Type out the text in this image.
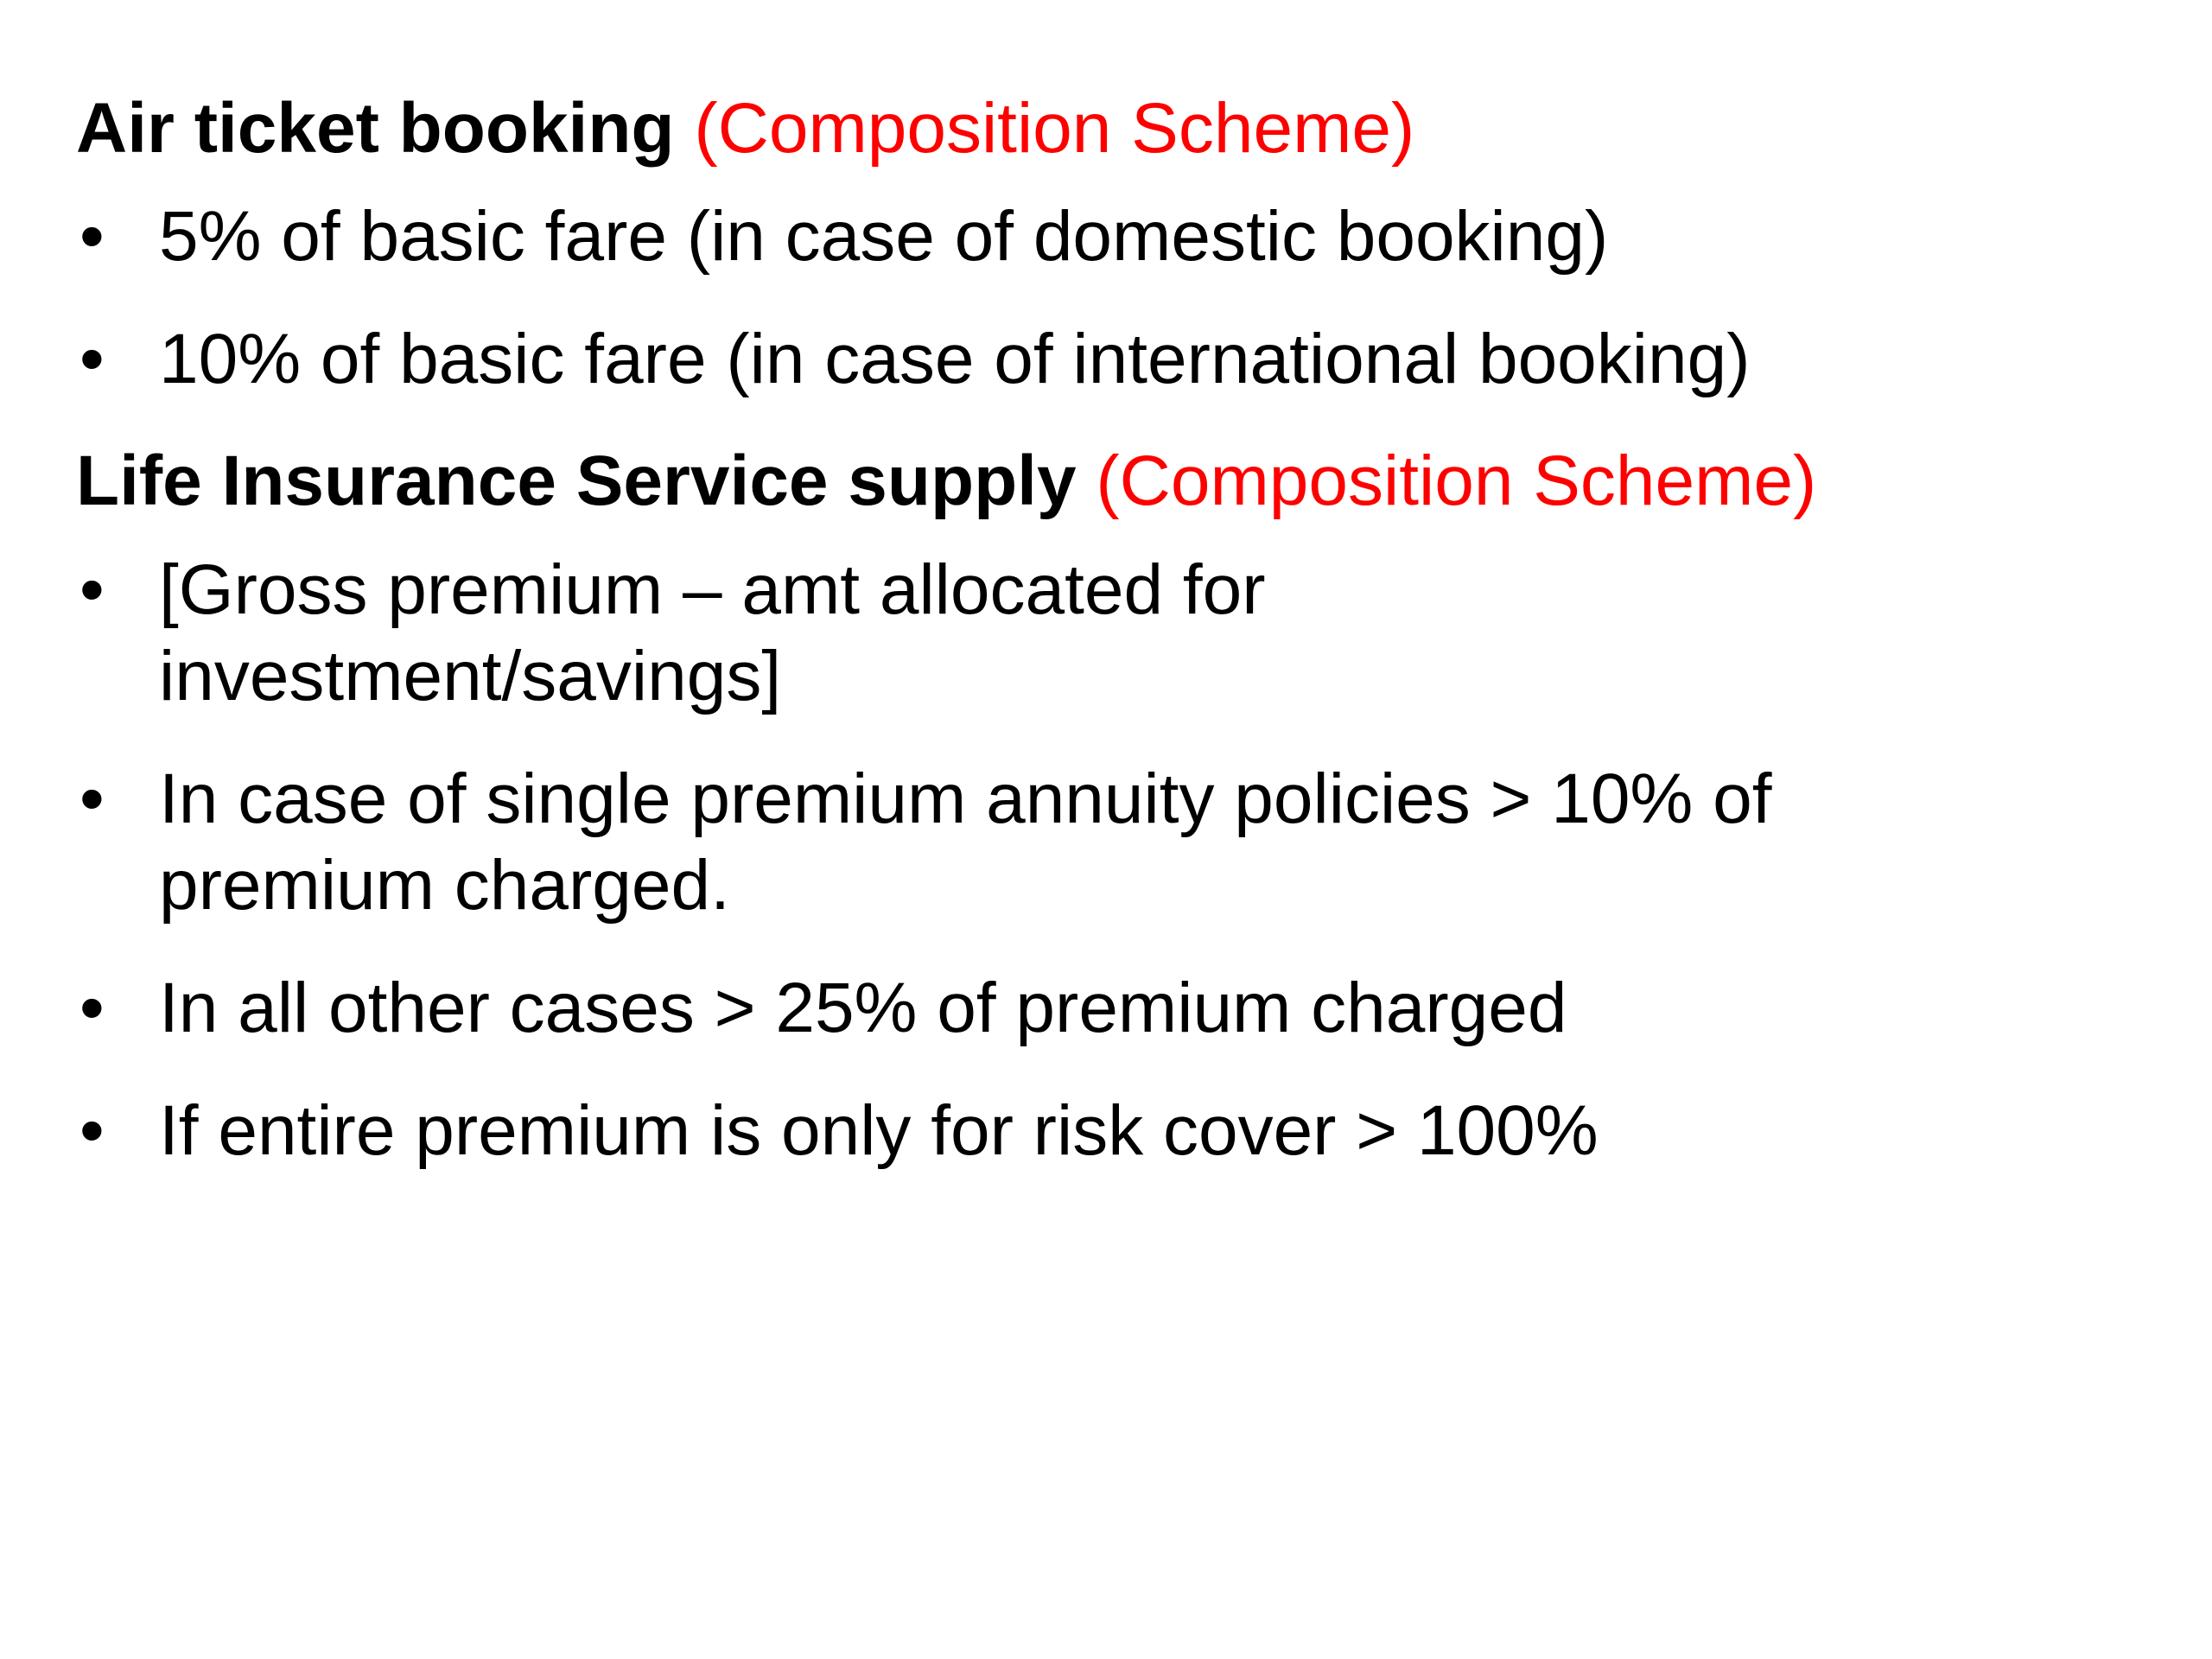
Air ticket booking (Composition Scheme)
• 5% of basic fare (in case of domestic booking)
• 10% of basic fare (in case of international booking)
Life Insurance Service supply (Composition Scheme)
• [Gross premium – amt allocated for investment/savings]
• In case of single premium annuity policies > 10% of premium charged.
• In all other cases > 25% of premium charged
• If entire premium is only for risk cover > 100%
